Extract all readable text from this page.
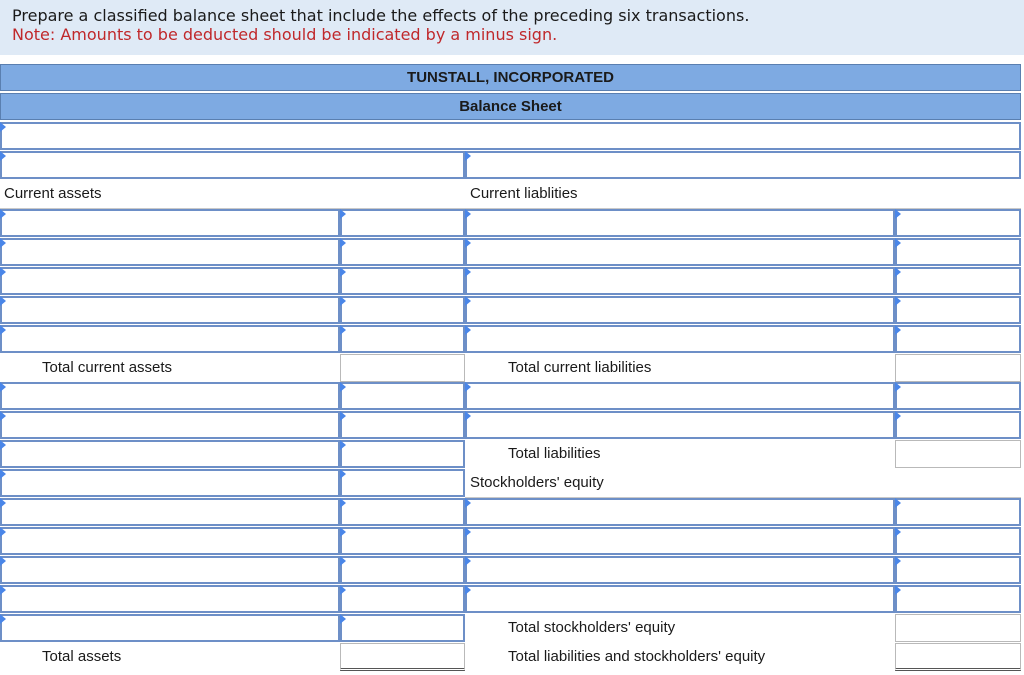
Prepare a classified balance sheet that include the effects of the preceding six transactions.
Note: Amounts to be deducted should be indicated by a minus sign.
TUNSTALL, INCORPORATED
Balance Sheet
Current assets	Current liablities
Total current assets	Total current liabilities
Total liabilities
Stockholders' equity
Total stockholders' equity
Total assets	Total liabilities and stockholders' equity
